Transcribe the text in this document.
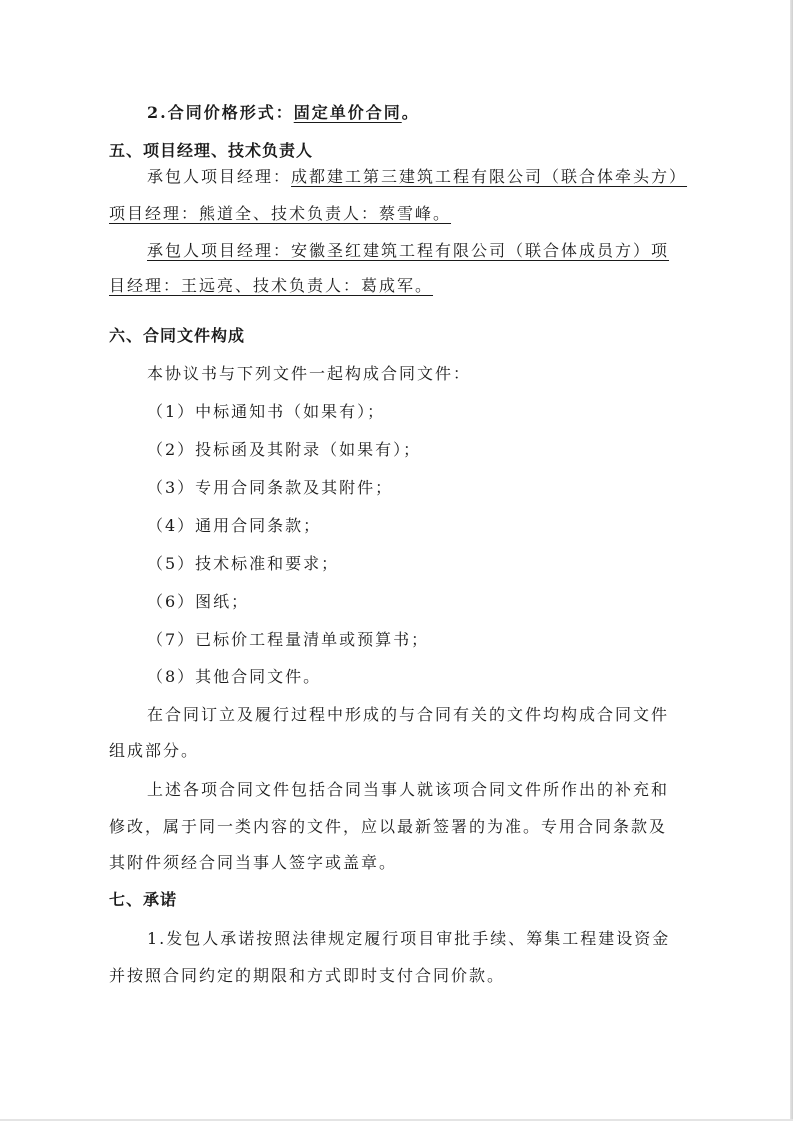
2.合同价格形式：固定单价合同。
五、项目经理、技术负责人
承包人项目经理：成都建工第三建筑工程有限公司（联合体牵头方）
项目经理：熊道全、技术负责人：蔡雪峰。
承包人项目经理：安徽圣红建筑工程有限公司（联合体成员方）项
目经理：王远亮、技术负责人：葛成军。
六、合同文件构成
本协议书与下列文件一起构成合同文件：
（1）中标通知书（如果有）；
（2）投标函及其附录（如果有）；
（3）专用合同条款及其附件；
（4）通用合同条款；
（5）技术标准和要求；
（6）图纸；
（7）已标价工程量清单或预算书；
（8）其他合同文件。
在合同订立及履行过程中形成的与合同有关的文件均构成合同文件
组成部分。
上述各项合同文件包括合同当事人就该项合同文件所作出的补充和
修改，属于同一类内容的文件，应以最新签署的为准。专用合同条款及
其附件须经合同当事人签字或盖章。
七、承诺
1.发包人承诺按照法律规定履行项目审批手续、筹集工程建设资金
并按照合同约定的期限和方式即时支付合同价款。
